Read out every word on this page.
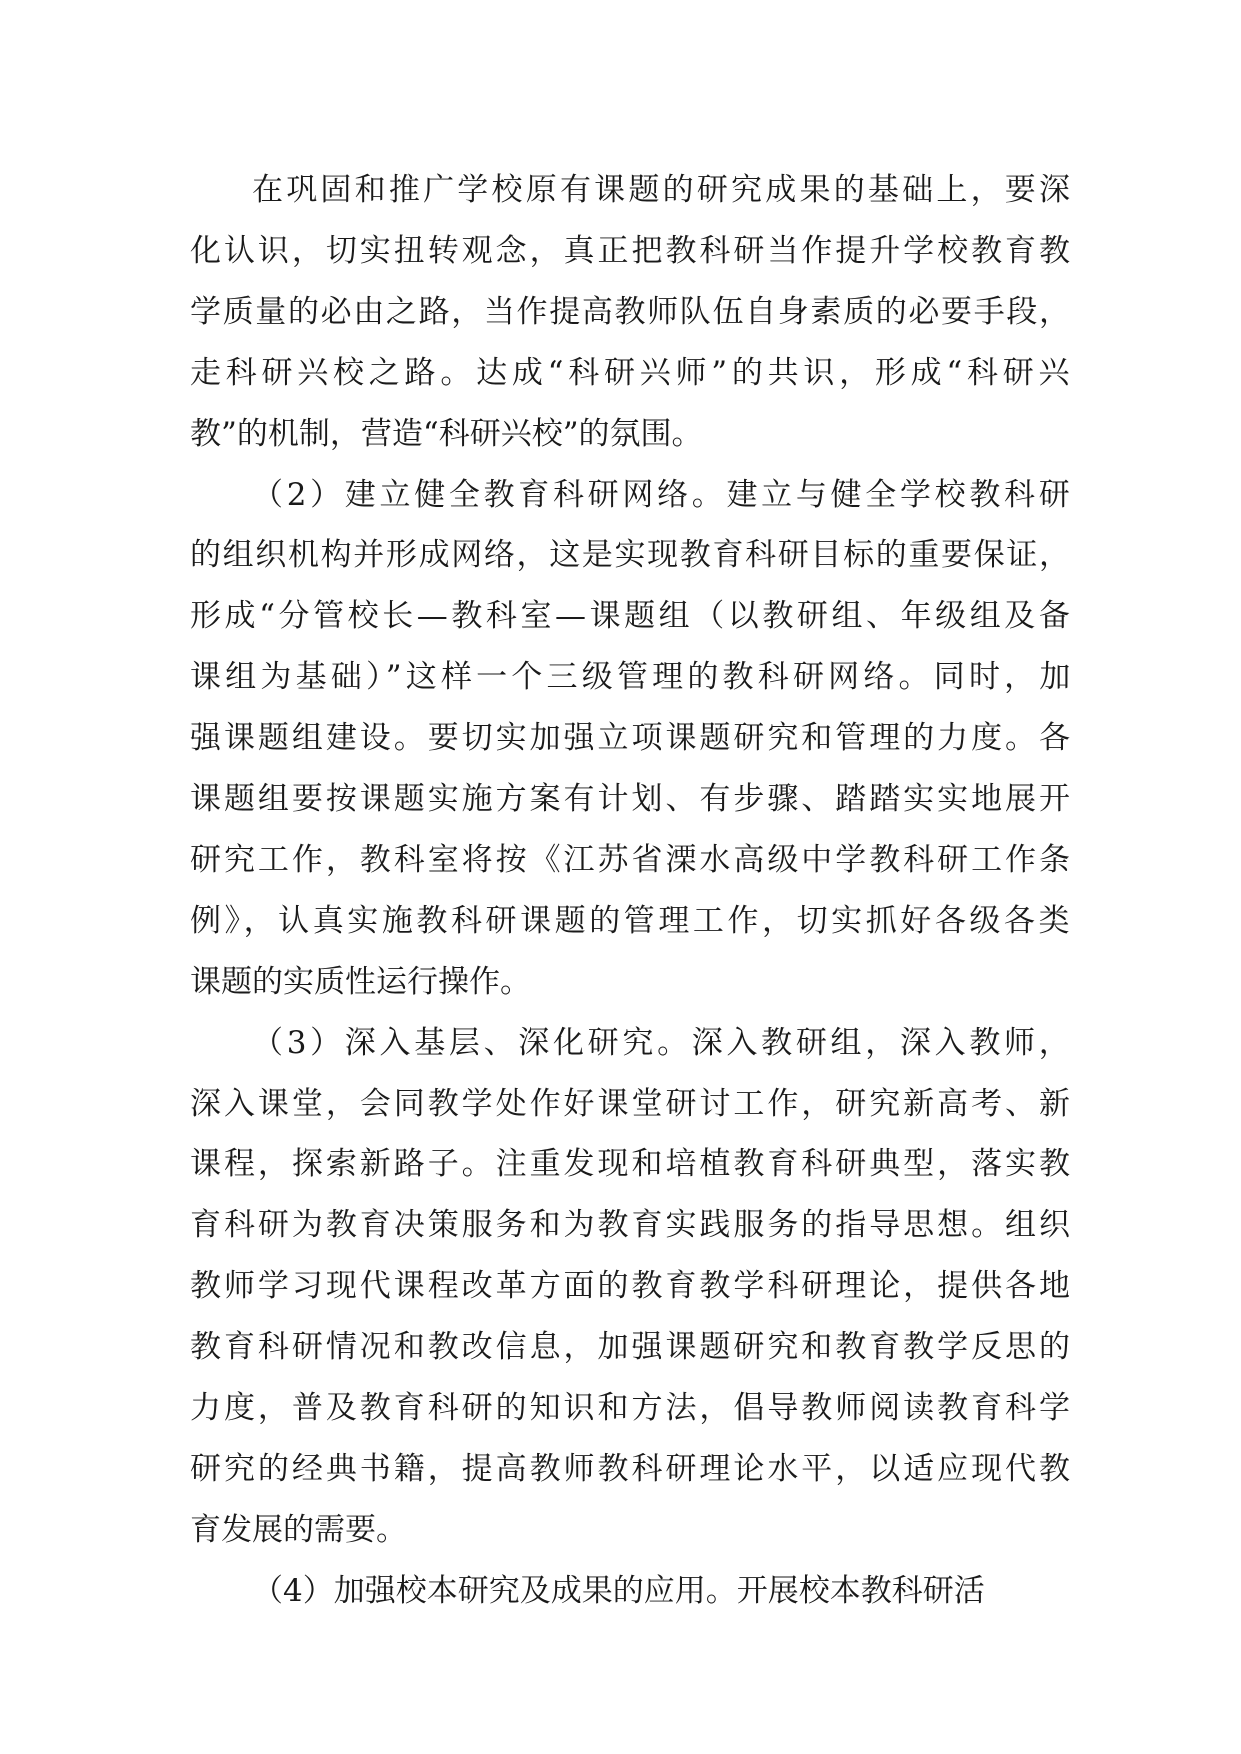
在巩固和推广学校原有课题的研究成果的基础上，要深
化认识，切实扭转观念，真正把教科研当作提升学校教育教
学质量的必由之路，当作提高教师队伍自身素质的必要手段，
走科研兴校之路。达成“科研兴师”的共识，形成“科研兴
教”的机制，营造“科研兴校”的氛围。
（2）建立健全教育科研网络。建立与健全学校教科研
的组织机构并形成网络，这是实现教育科研目标的重要保证，
形成“分管校长—教科室—课题组（以教研组、年级组及备
课组为基础）”这样一个三级管理的教科研网络。同时，加
强课题组建设。要切实加强立项课题研究和管理的力度。各
课题组要按课题实施方案有计划、有步骤、踏踏实实地展开
研究工作，教科室将按《江苏省溧水高级中学教科研工作条
例》，认真实施教科研课题的管理工作，切实抓好各级各类
课题的实质性运行操作。
（3）深入基层、深化研究。深入教研组，深入教师，
深入课堂，会同教学处作好课堂研讨工作，研究新高考、新
课程，探索新路子。注重发现和培植教育科研典型，落实教
育科研为教育决策服务和为教育实践服务的指导思想。组织
教师学习现代课程改革方面的教育教学科研理论，提供各地
教育科研情况和教改信息，加强课题研究和教育教学反思的
力度，普及教育科研的知识和方法，倡导教师阅读教育科学
研究的经典书籍，提高教师教科研理论水平，以适应现代教
育发展的需要。
（4）加强校本研究及成果的应用。开展校本教科研活
